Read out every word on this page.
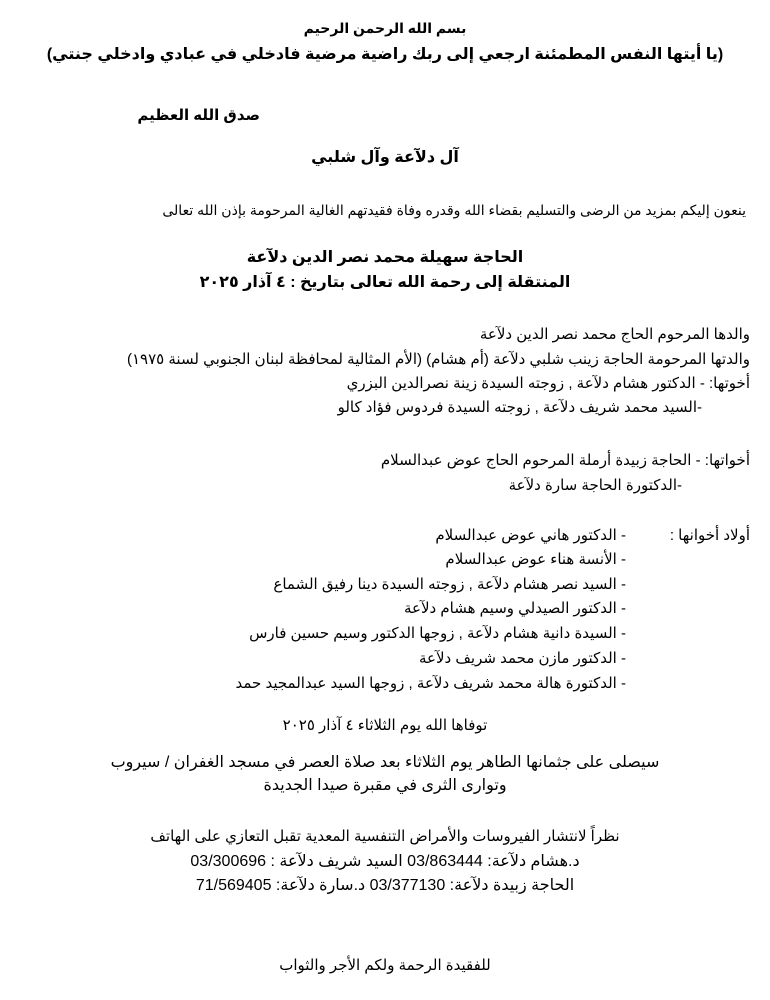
بسم الله الرحمن الرحيم
(يا أيتها النفس المطمئنة ارجعي إلى ربك راضية مرضية فادخلي في عبادي وادخلي جنتي)
صدق الله العظيم
آل دلآعة وآل شلبي
ينعون إليكم بمزيد من الرضى والتسليم بقضاء الله وقدره وفاة فقيدتهم الغالية المرحومة بإذن الله تعالى
الحاجة سهيلة محمد نصر الدين دلآعة
المنتقلة إلى رحمة الله تعالى بتاريخ : ٤ آذار ٢٠٢٥
والدها المرحوم الحاج محمد نصر الدين دلآعة
والدتها المرحومة الحاجة زينب شلبي دلآعة (أم هشام) (الأم المثالية لمحافظة لبنان الجنوبي لسنة ١٩٧٥)
أخوتها: - الدكتور هشام دلآعة , زوجته السيدة زينة نصرالدين البزري
-السيد محمد شريف دلآعة , زوجته السيدة فردوس فؤاد كالو
أخواتها: - الحاجة زبيدة أرملة المرحوم الحاج عوض عبدالسلام
-الدكتورة الحاجة سارة دلآعة
أولاد أخوانها :
- الدكتور هاني عوض عبدالسلام
- الأنسة هناء عوض عبدالسلام
- السيد نصر هشام دلآعة , زوجته السيدة دينا رفيق الشماع
- الدكتور الصيدلي وسيم هشام دلآعة
- السيدة دانية هشام دلآعة , زوجها الدكتور وسيم حسين فارس
- الدكتور مازن محمد شريف دلآعة
- الدكتورة هالة محمد شريف دلآعة , زوجها السيد عبدالمجيد حمد
توفاها الله يوم الثلاثاء ٤ آذار ٢٠٢٥
سيصلى على جثمانها الطاهر يوم الثلاثاء بعد صلاة العصر في مسجد الغفران / سيروب
وتوارى الثرى في مقبرة صيدا الجديدة
نظراً لانتشار الفيروسات والأمراض التنفسية المعدية تقبل التعازي على الهاتف
د.هشام دلآعة: 03/863444 السيد شريف دلآعة : 03/300696
الحاجة زبيدة دلآعة: 03/377130 د.سارة دلآعة: 71/569405
للفقيدة الرحمة ولكم الأجر والثواب
